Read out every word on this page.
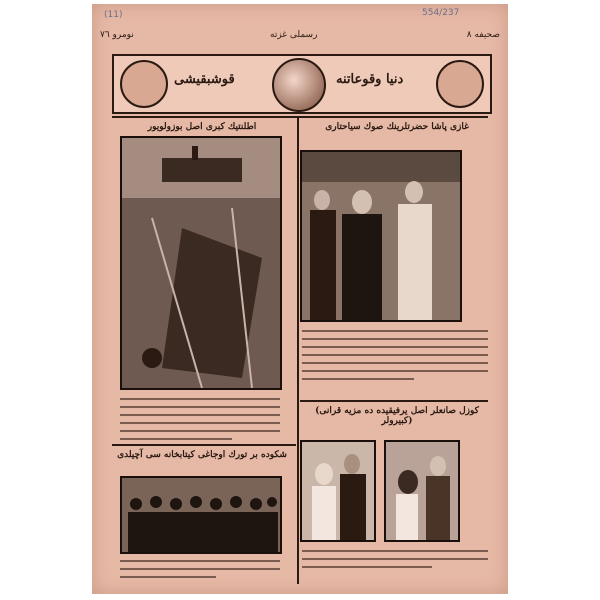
(11)	554/237
نومرو ۷٦	رسملى غزته	صحيفه ۸
قوشبقيشى	دنيا وقوعاتنه
اطلنتيك كبرى اصل بوزولويور	غازى پاشا حضرتلرينك صوك سياحتارى
(كوزل صانعلر اصل يرفيقيده ده مزيه قرانى كبيرولر)
شكوده بر تورك اوجاغى كيتابخانه سى آچيلدى
